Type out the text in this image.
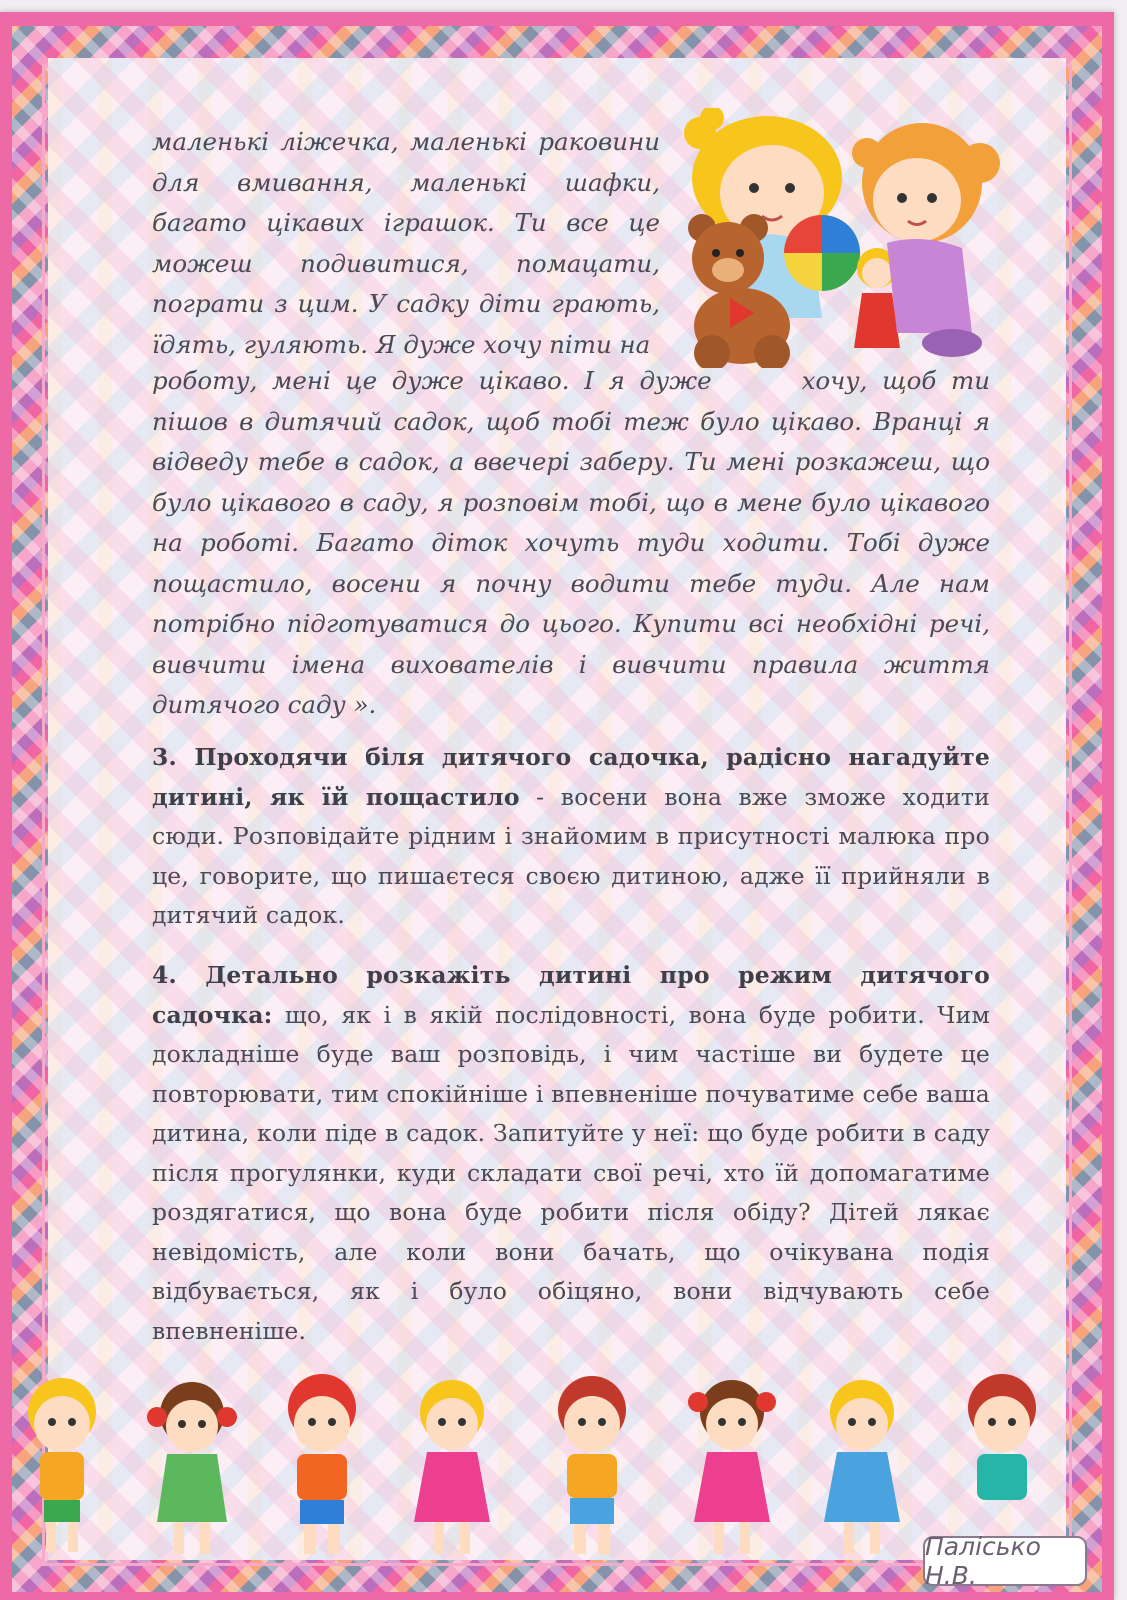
маленькі ліжечка, маленькі раковини для вмивання, маленькі шафки, багато цікавих іграшок. Ти все це можеш подивитися, помацати, пограти з цим. У садку діти грають, їдять, гуляють. Я дуже хочу піти на
роботу, мені це дуже цікаво. І я дуже	хочу, щоб ти пішов в дитячий садок, щоб тобі теж було цікаво. Вранці я відведу тебе в садок, а ввечері заберу. Ти мені розкажеш, що було цікавого в саду, я розповім тобі, що в мене було цікавого на роботі. Багато діток хочуть туди ходити. Тобі дуже пощастило, восени я почну водити тебе туди. Але нам потрібно підготуватися до цього. Купити всі необхідні речі, вивчити імена вихователів і вивчити правила життя дитячого саду ».
3. Проходячи біля дитячого садочка, радісно нагадуйте дитині, як їй пощастило - восени вона вже зможе ходити сюди. Розповідайте рідним і знайомим в присутності малюка про це, говорите, що пишаєтеся своєю дитиною, адже її прийняли в дитячий садок.
4. Детально розкажіть дитині про режим дитячого садочка: що, як і в якій послідовності, вона буде робити. Чим докладніше буде ваш розповідь, і чим частіше ви будете це повторювати, тим спокійніше і впевненіше почуватиме себе ваша дитина, коли піде в садок. Запитуйте у неї: що буде робити в саду після прогулянки, куди складати свої речі, хто їй допомагатиме роздягатися, що вона буде робити після обіду? Дітей лякає невідомість, але коли вони бачать, що очікувана подія відбувається, як і було обіцяно, вони відчувають себе впевненіше.
Палісько Н.В.
